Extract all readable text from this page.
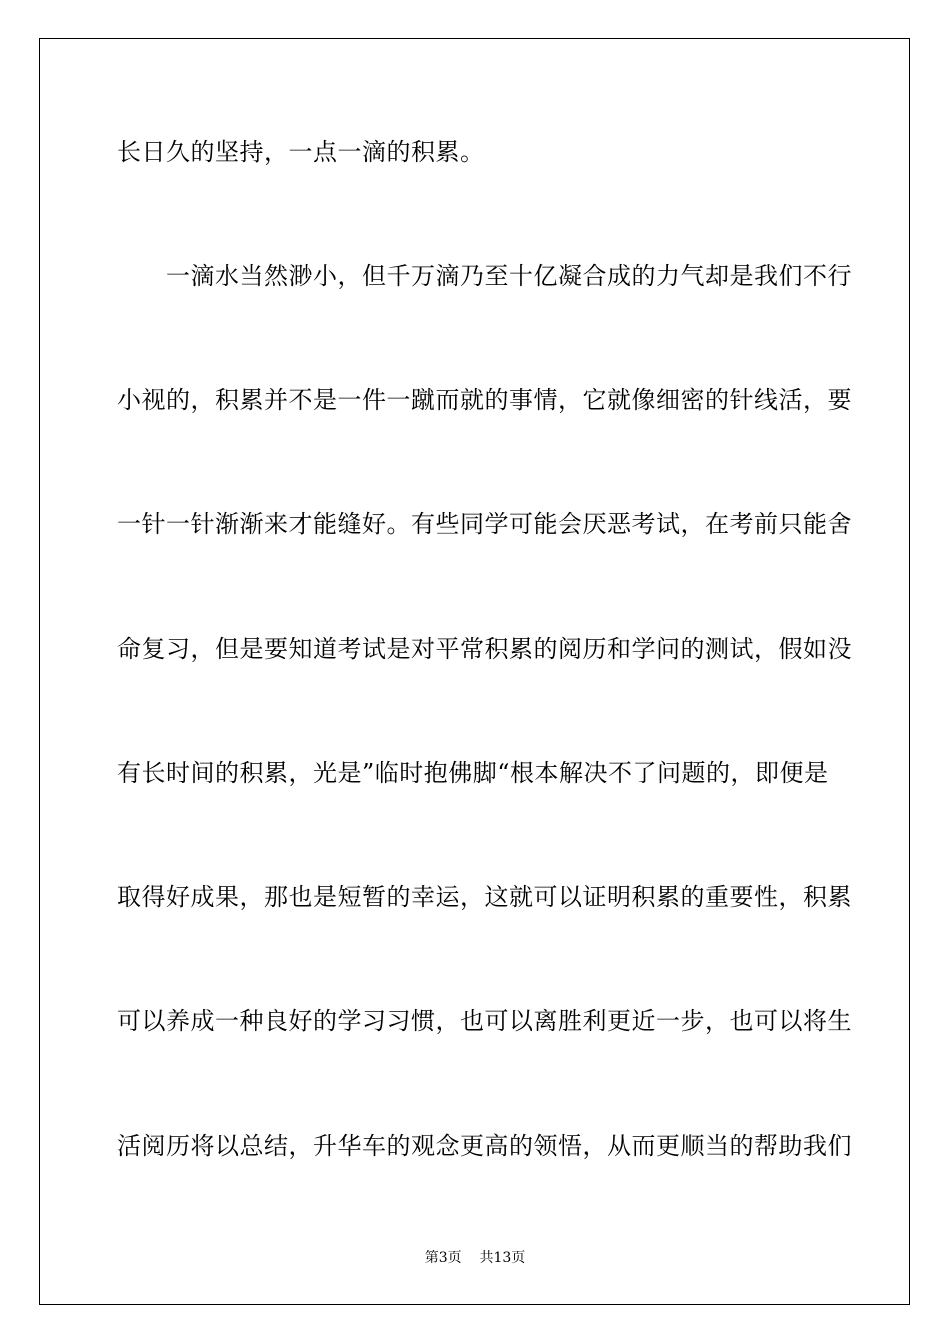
长日久的坚持，一点一滴的积累。
　　一滴水当然渺小，但千万滴乃至十亿凝合成的力气却是我们不行
小视的，积累并不是一件一蹴而就的事情，它就像细密的针线活，要
一针一针渐渐来才能缝好。有些同学可能会厌恶考试，在考前只能舍
命复习，但是要知道考试是对平常积累的阅历和学问的测试，假如没
有长时间的积累，光是”临时抱佛脚“根本解决不了问题的，即便是
取得好成果，那也是短暂的幸运，这就可以证明积累的重要性，积累
可以养成一种良好的学习习惯，也可以离胜利更近一步，也可以将生
活阅历将以总结，升华车的观念更高的领悟，从而更顺当的帮助我们
第3页 共13页
